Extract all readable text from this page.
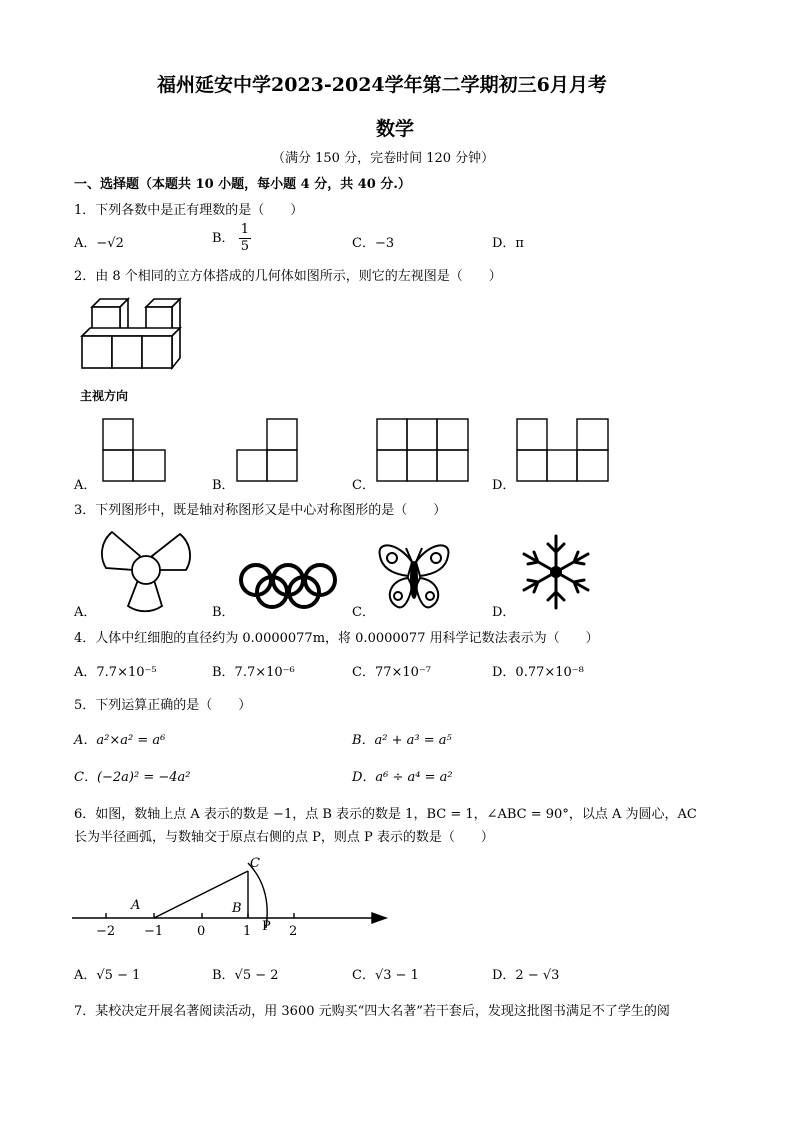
福州延安中学2023-2024学年第二学期初三6月月考
数学
（满分 150 分，完卷时间 120 分钟）
一、选择题（本题共 10 小题，每小题 4 分，共 40 分.）
1．下列各数中是正有理数的是（　　）
A．−√2	B． $\frac{1}{5}$	C．−3	D．π
2．由 8 个相同的立方体搭成的几何体如图所示，则它的左视图是（　　）
主视方向
A．	B．	C．	D．
3．下列图形中，既是轴对称图形又是中心对称图形的是（　　）
A．	B．	C．	D．
4．人体中红细胞的直径约为 0.0000077m，将 0.0000077 用科学记数法表示为（　　）
A．7.7×10⁻⁵	B．7.7×10⁻⁶	C．77×10⁻⁷	D．0.77×10⁻⁸
5．下列运算正确的是（　　）
A．a²×a² = a⁶	B．a² + a³ = a⁵
C．(−2a)² = −4a²	D．a⁶ ÷ a⁴ = a²
6．如图，数轴上点 A 表示的数是 −1，点 B 表示的数是 1，BC = 1，∠ABC = 90°，以点 A 为圆心，AC
长为半径画弧，与数轴交于原点右侧的点 P，则点 P 表示的数是（　　）
A	B
C
P
−2 −1	0	1	2
A．√5 − 1	B．√5 − 2	C．√3 − 1	D．2 − √3
7．某校决定开展名著阅读活动，用 3600 元购买“四大名著”若干套后，发现这批图书满足不了学生的阅
